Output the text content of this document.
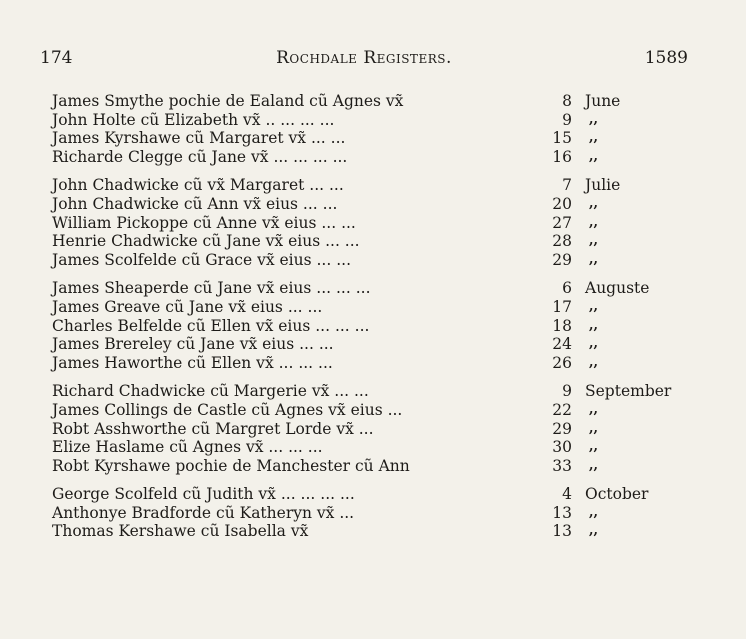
174	Rochdale Registers.	1589
James Smythe pochie de Ealand cũ Agnes vx̃	8 June
John Holte cũ Elizabeth vx̃ .. ... ... ...	9 ,,
James Kyrshawe cũ Margaret vx̃ ... ...	15 ,,
Richarde Clegge cũ Jane vx̃ ... ... ... ...	16 ,,
John Chadwicke cũ vx̃ Margaret ... ...	7 Julie
John Chadwicke cũ Ann vx̃ eius ... ...	20 ,,
William Pickoppe cũ Anne vx̃ eius ... ...	27 ,,
Henrie Chadwicke cũ Jane vx̃ eius ... ...	28 ,,
James Scolfelde cũ Grace vx̃ eius ... ...	29 ,,
James Sheaperde cũ Jane vx̃ eius ... ... ...	6 Auguste
James Greave cũ Jane vx̃ eius ... ...	17 ,,
Charles Belfelde cũ Ellen vx̃ eius ... ... ...	18 ,,
James Brereley cũ Jane vx̃ eius ... ...	24 ,,
James Haworthe cũ Ellen vx̃ ... ... ...	26 ,,
Richard Chadwicke cũ Margerie vx̃ ... ...	9 September
James Collings de Castle cũ Agnes vx̃ eius ...	22 ,,
Robt Asshworthe cũ Margret Lorde vx̃ ...	29 ,,
Elize Haslame cũ Agnes vx̃ ... ... ...	30 ,,
Robt Kyrshawe pochie de Manchester cũ Ann	33 ,,
George Scolfeld cũ Judith vx̃ ... ... ... ...	4 October
Anthonye Bradforde cũ Katheryn vx̃ ...	13 ,,
Thomas Kershawe cũ Isabella vx̃	13 ,,
